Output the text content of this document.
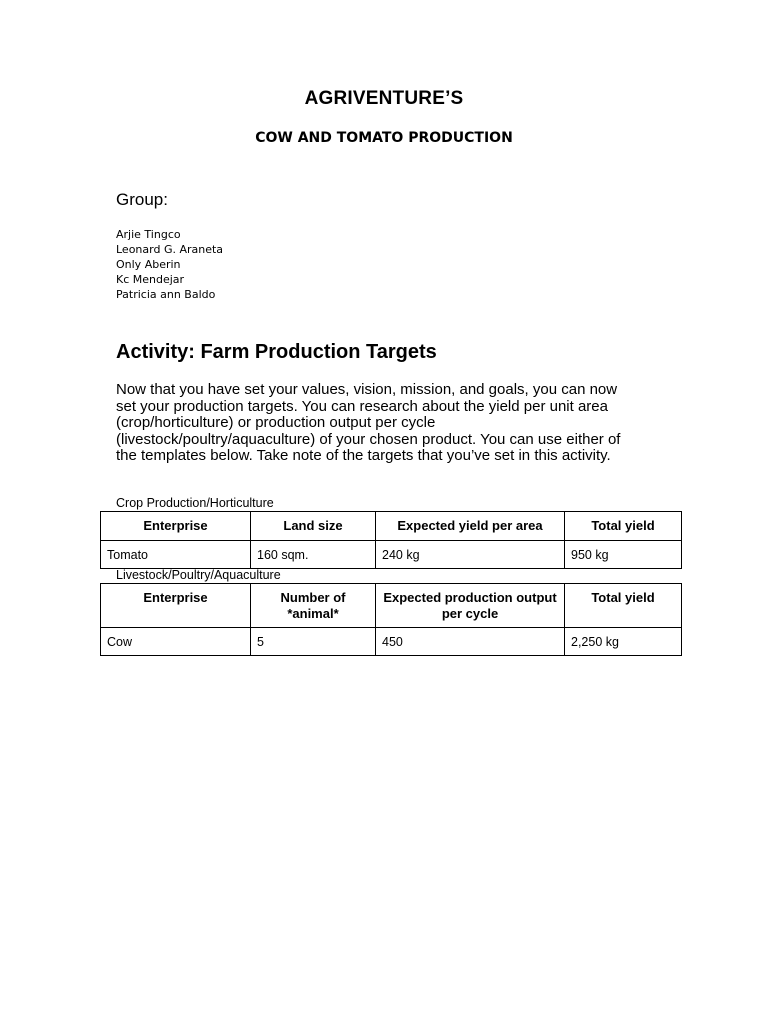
AGRIVENTURE’S
COW AND TOMATO PRODUCTION
Group:
Arjie Tingco
Leonard G. Araneta
Only Aberin
Kc Mendejar
Patricia ann Baldo
Activity: Farm Production Targets
Now that you have set your values, vision, mission, and goals, you can now
set your production targets. You can research about the yield per unit area
(crop/horticulture) or production output per cycle
(livestock/poultry/aquaculture) of your chosen product. You can use either of
the templates below. Take note of the targets that you’ve set in this activity.
Crop Production/Horticulture
Enterprise	Land size	Expected yield per area	Total yield
Tomato	160 sqm.	240 kg	950 kg
Livestock/Poultry/Aquaculture
Enterprise	Number of *animal*	Expected production output per cycle	Total yield
Cow	5	450	2,250 kg
